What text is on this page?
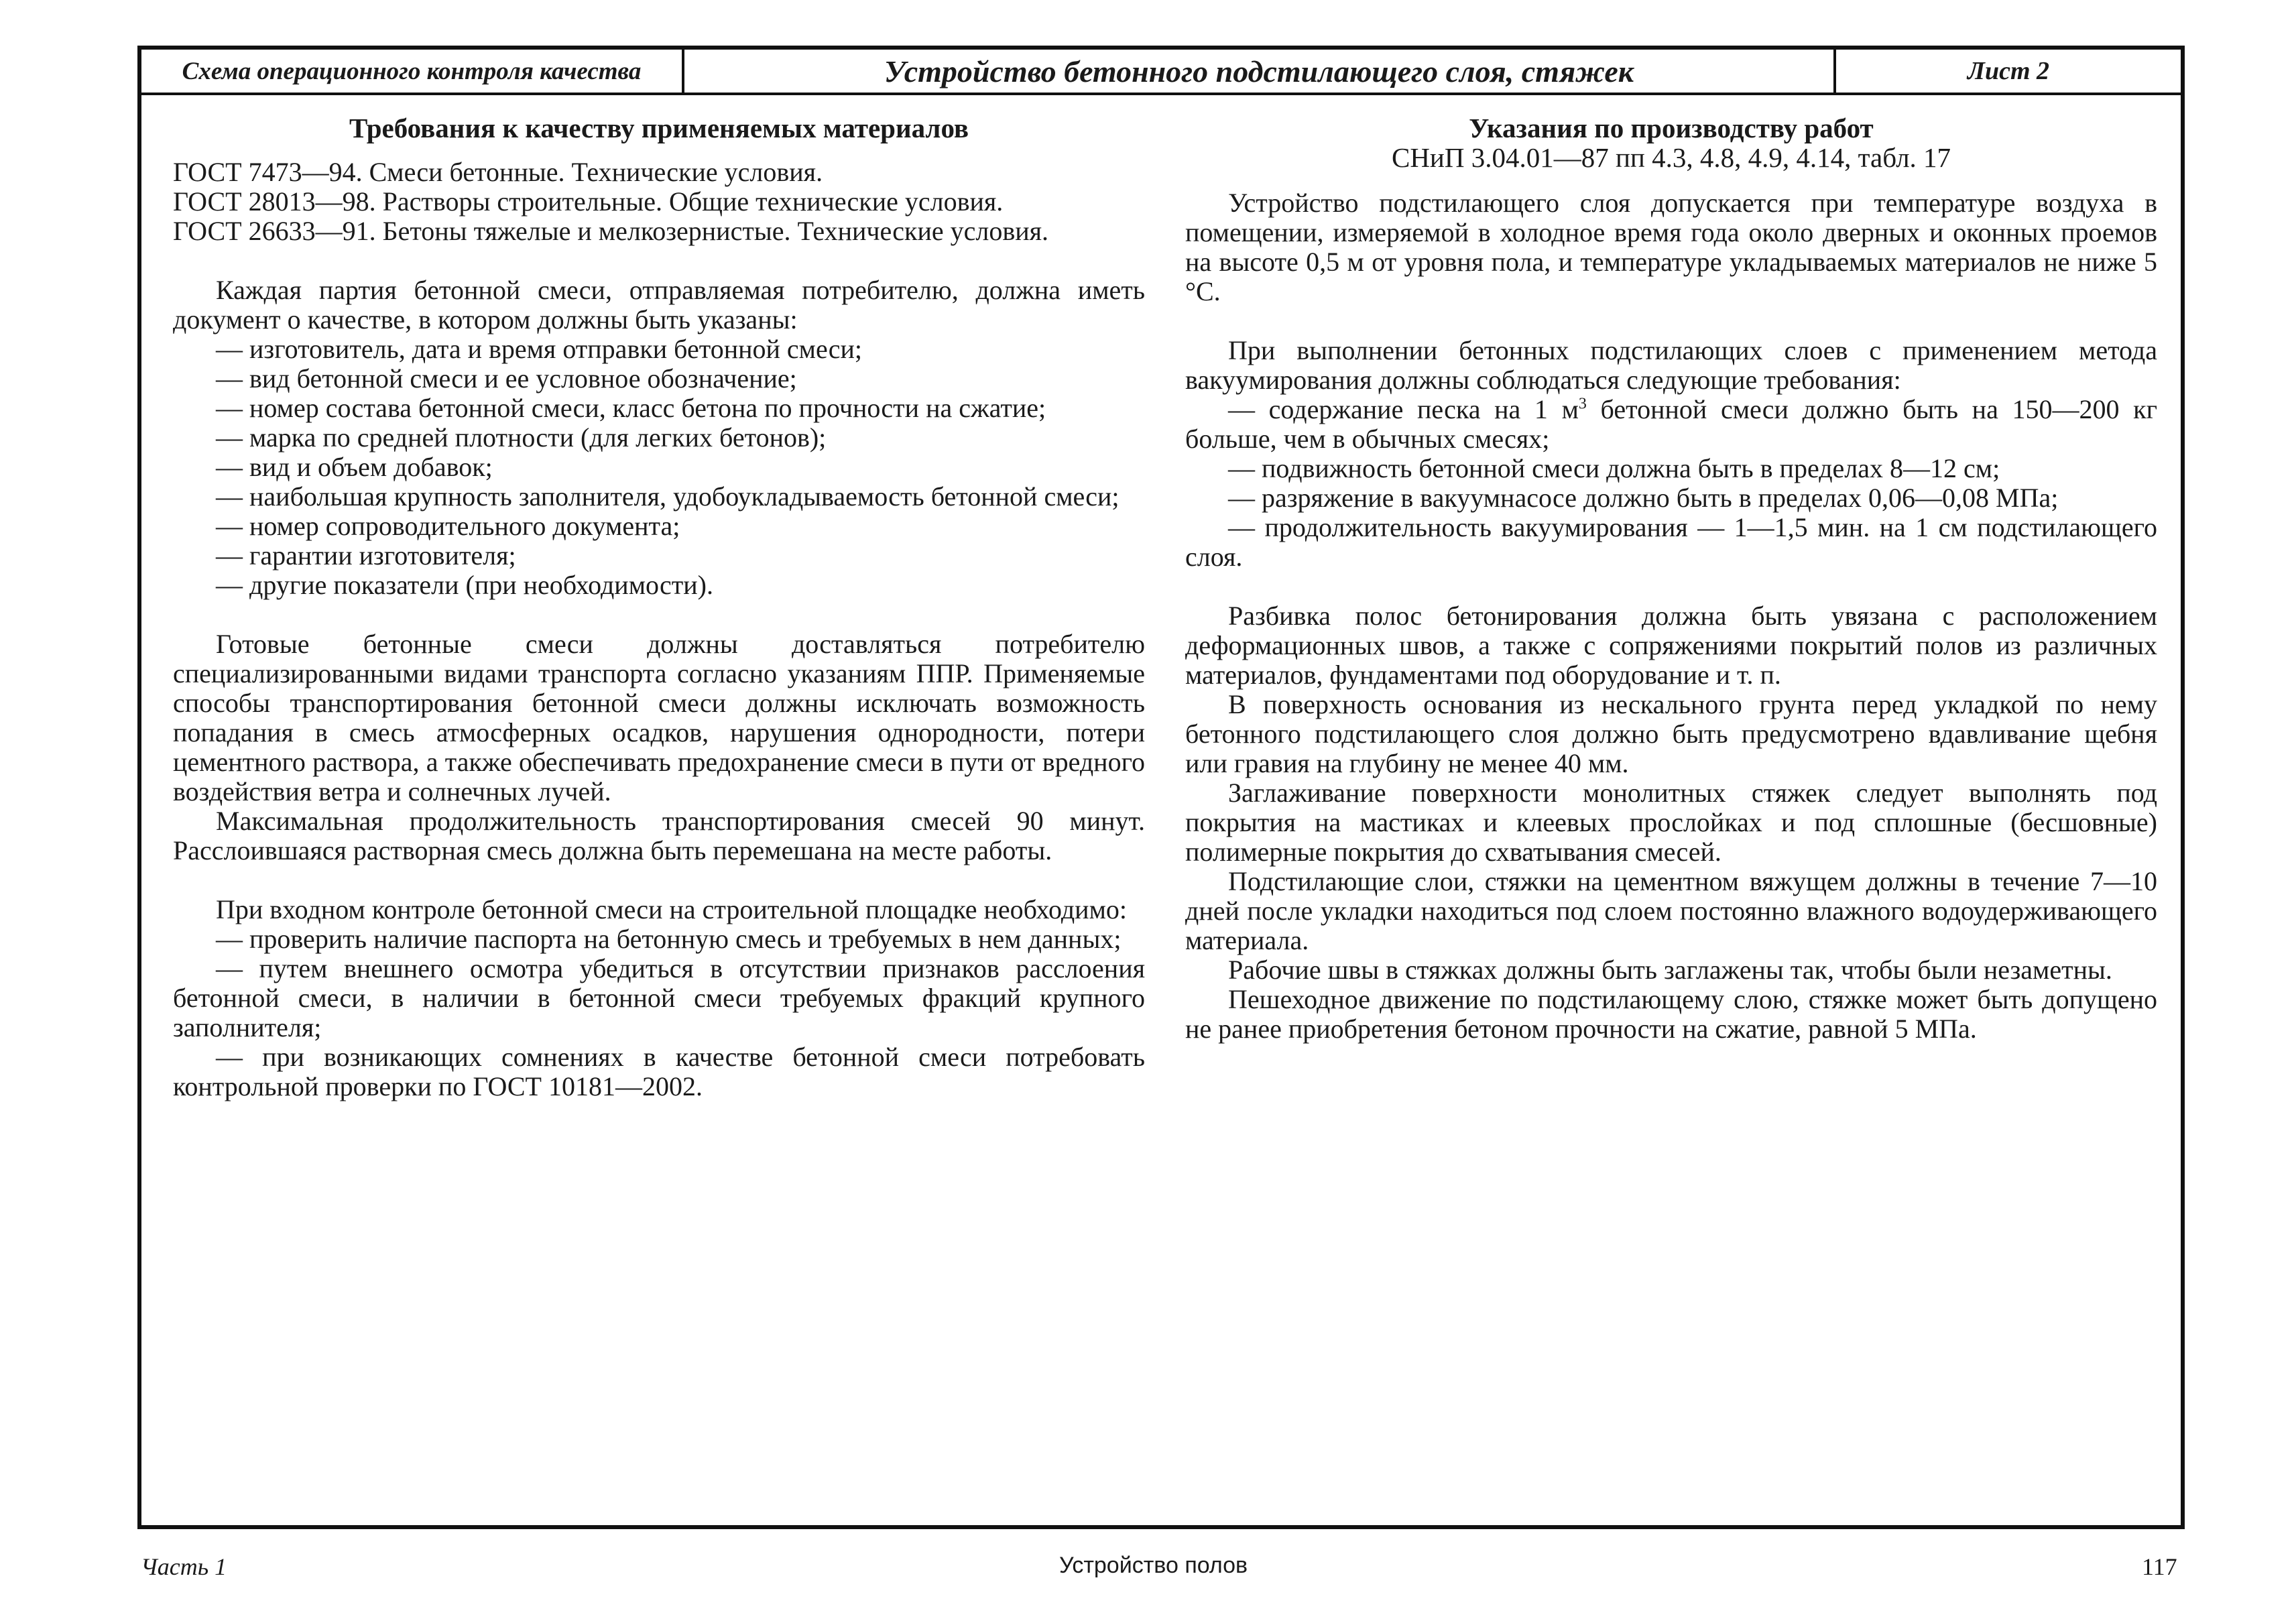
Схема операционного контроля качества	Устройство бетонного подстилающего слоя, стяжек	Лист 2
Требования к качеству применяемых материалов
ГОСТ 7473—94. Смеси бетонные. Технические условия.
ГОСТ 28013—98. Растворы строительные. Общие технические условия.
ГОСТ 26633—91. Бетоны тяжелые и мелкозернистые. Технические условия.
Каждая партия бетонной смеси, отправляемая потребителю, должна иметь документ о качестве, в котором должны быть указаны:
— изготовитель, дата и время отправки бетонной смеси;
— вид бетонной смеси и ее условное обозначение;
— номер состава бетонной смеси, класс бетона по прочности на сжатие;
— марка по средней плотности (для легких бетонов);
— вид и объем добавок;
— наибольшая крупность заполнителя, удобоукладываемость бетонной смеси;
— номер сопроводительного документа;
— гарантии изготовителя;
— другие показатели (при необходимости).
Готовые бетонные смеси должны доставляться потребителю специализированными видами транспорта согласно указаниям ППР. Применяемые способы транспортирования бетонной смеси должны исключать возможность попадания в смесь атмосферных осадков, нарушения однородности, потери цементного раствора, а также обеспечивать предохранение смеси в пути от вредного воздействия ветра и солнечных лучей.
Максимальная продолжительность транспортирования смесей 90 минут. Расслоившаяся растворная смесь должна быть перемешана на месте работы.
При входном контроле бетонной смеси на строительной площадке необходимо:
— проверить наличие паспорта на бетонную смесь и требуемых в нем данных;
— путем внешнего осмотра убедиться в отсутствии признаков расслоения бетонной смеси, в наличии в бетонной смеси требуемых фракций крупного заполнителя;
— при возникающих сомнениях в качестве бетонной смеси потребовать контрольной проверки по ГОСТ 10181—2002.
Указания по производству работ
СНиП 3.04.01—87 пп 4.3, 4.8, 4.9, 4.14, табл. 17
Устройство подстилающего слоя допускается при температуре воздуха в помещении, измеряемой в холодное время года около дверных и оконных проемов на высоте 0,5 м от уровня пола, и температуре укладываемых материалов не ниже 5 °С.
При выполнении бетонных подстилающих слоев с применением метода вакуумирования должны соблюдаться следующие требования:
— содержание песка на 1 $м^3$ бетонной смеси должно быть на 150—200 кг больше, чем в обычных смесях;
— подвижность бетонной смеси должна быть в пределах 8—12 см;
— разряжение в вакуумнасосе должно быть в пределах 0,06—0,08 МПа;
— продолжительность вакуумирования — 1—1,5 мин. на 1 см подстилающего слоя.
Разбивка полос бетонирования должна быть увязана с расположением деформационных швов, а также с сопряжениями покрытий полов из различных материалов, фундаментами под оборудование и т. п.
В поверхность основания из нескального грунта перед укладкой по нему бетонного подстилающего слоя должно быть предусмотрено вдавливание щебня или гравия на глубину не менее 40 мм.
Заглаживание поверхности монолитных стяжек следует выполнять под покрытия на мастиках и клеевых прослойках и под сплошные (бесшовные) полимерные покрытия до схватывания смесей.
Подстилающие слои, стяжки на цементном вяжущем должны в течение 7—10 дней после укладки находиться под слоем постоянно влажного водоудерживающего материала.
Рабочие швы в стяжках должны быть заглажены так, чтобы были незаметны.
Пешеходное движение по подстилающему слою, стяжке может быть допущено не ранее приобретения бетоном прочности на сжатие, равной 5 МПа.
Часть 1	Устройство полов	117
